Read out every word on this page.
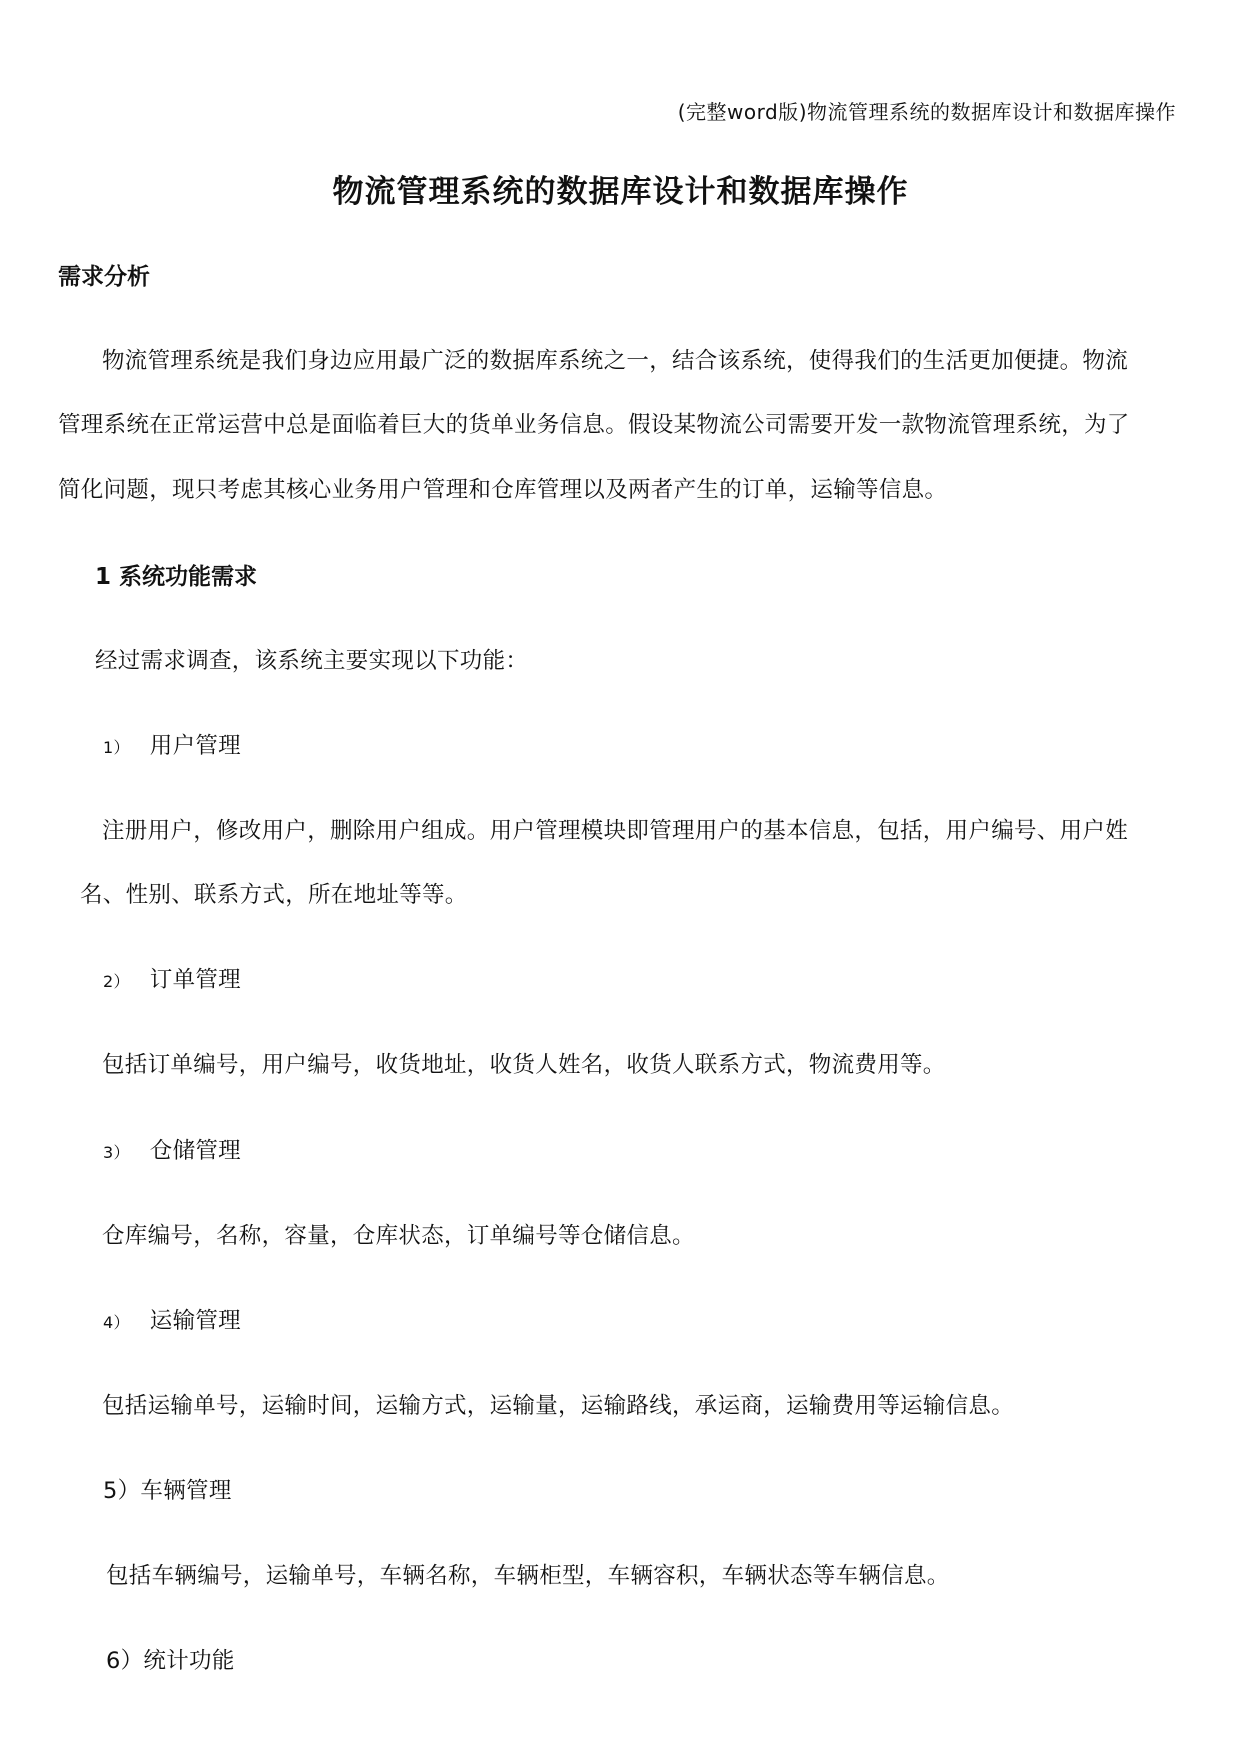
(完整word版)物流管理系统的数据库设计和数据库操作
物流管理系统的数据库设计和数据库操作
需求分析
物流管理系统是我们身边应用最广泛的数据库系统之一，结合该系统，使得我们的生活更加便捷。物流
管理系统在正常运营中总是面临着巨大的货单业务信息。假设某物流公司需要开发一款物流管理系统，为了
简化问题，现只考虑其核心业务用户管理和仓库管理以及两者产生的订单，运输等信息。
1 系统功能需求
经过需求调查，该系统主要实现以下功能：
1） 用户管理
注册用户，修改用户，删除用户组成。用户管理模块即管理用户的基本信息，包括，用户编号、用户姓
名、性别、联系方式，所在地址等等。
2） 订单管理
包括订单编号，用户编号，收货地址，收货人姓名，收货人联系方式，物流费用等。
3） 仓储管理
仓库编号，名称，容量，仓库状态，订单编号等仓储信息。
4） 运输管理
包括运输单号，运输时间，运输方式，运输量，运输路线，承运商，运输费用等运输信息。
5）车辆管理
包括车辆编号，运输单号，车辆名称，车辆柜型，车辆容积，车辆状态等车辆信息。
6）统计功能
